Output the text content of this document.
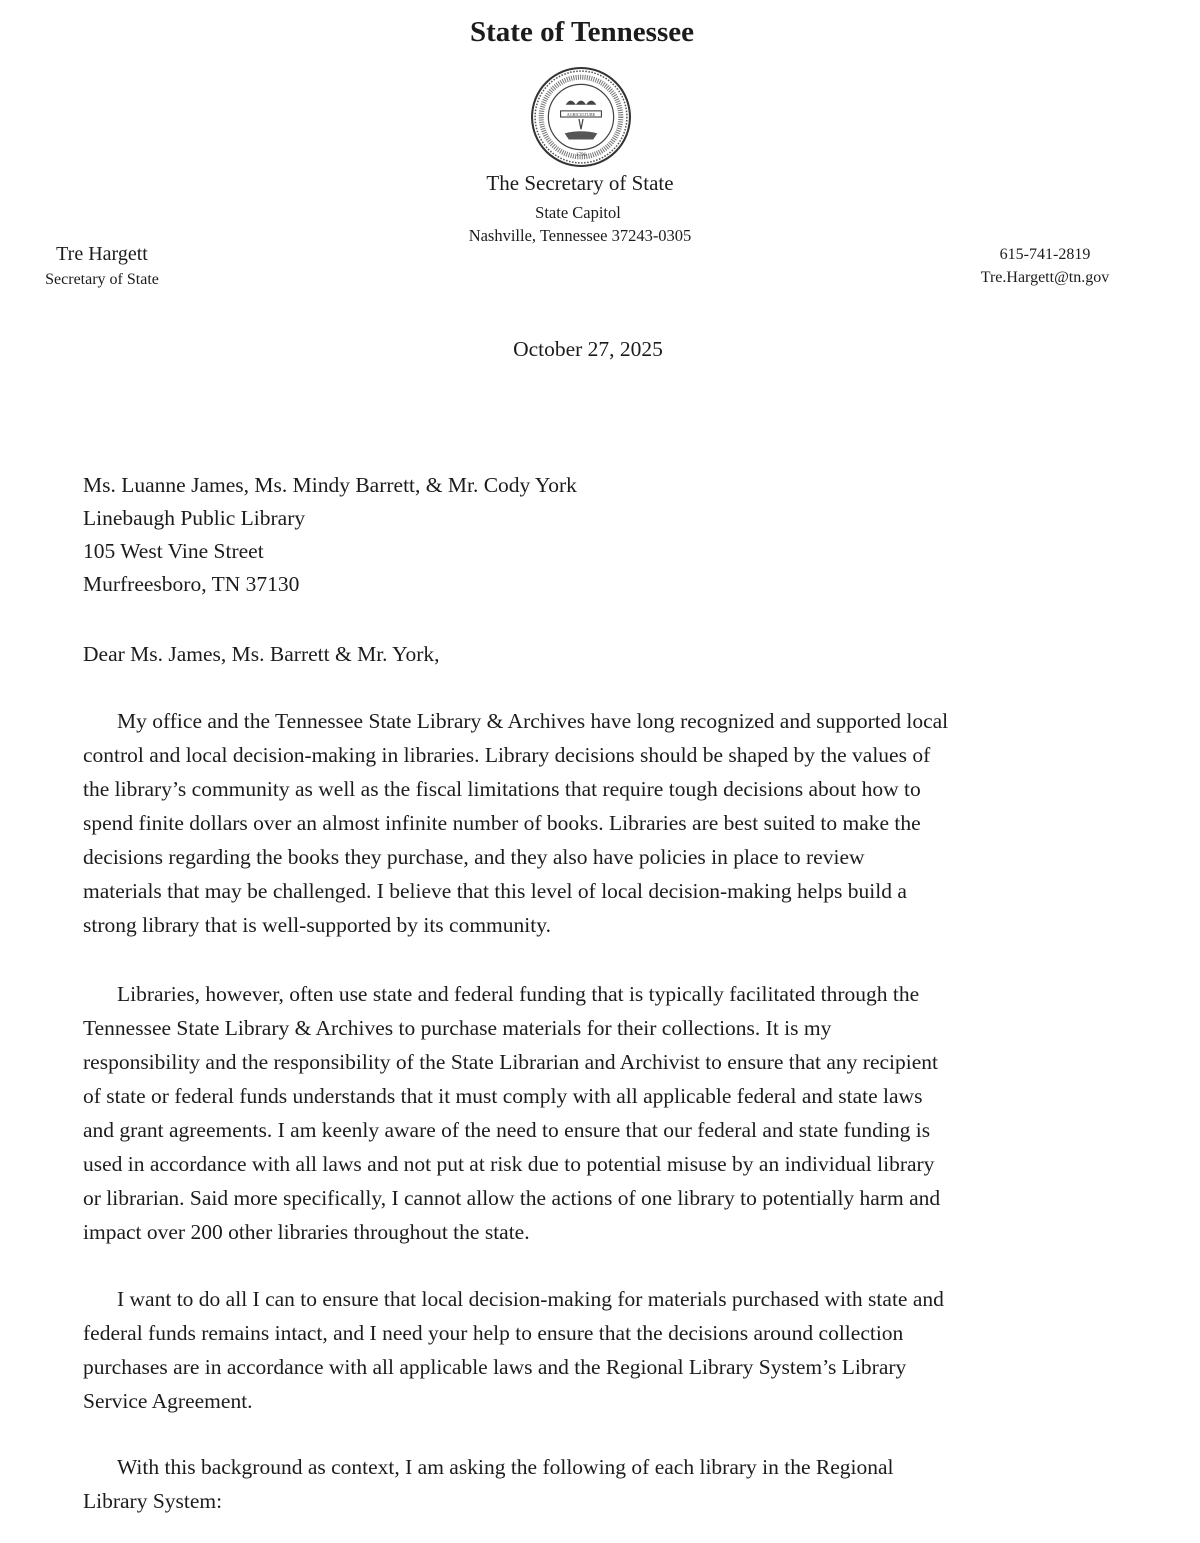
State of Tennessee
AGRICULTURE
1796
The Secretary of State
State Capitol
Nashville, Tennessee 37243-0305
Tre Hargett
Secretary of State
615-741-2819
Tre.Hargett@tn.gov
October 27, 2025
Ms. Luanne James, Ms. Mindy Barrett, & Mr. Cody York
Linebaugh Public Library
105 West Vine Street
Murfreesboro, TN 37130
Dear Ms. James, Ms. Barrett & Mr. York,
My office and the Tennessee State Library & Archives have long recognized and supported local
control and local decision-making in libraries. Library decisions should be shaped by the values of
the library’s community as well as the fiscal limitations that require tough decisions about how to
spend finite dollars over an almost infinite number of books. Libraries are best suited to make the
decisions regarding the books they purchase, and they also have policies in place to review
materials that may be challenged. I believe that this level of local decision-making helps build a
strong library that is well-supported by its community.
Libraries, however, often use state and federal funding that is typically facilitated through the
Tennessee State Library & Archives to purchase materials for their collections. It is my
responsibility and the responsibility of the State Librarian and Archivist to ensure that any recipient
of state or federal funds understands that it must comply with all applicable federal and state laws
and grant agreements. I am keenly aware of the need to ensure that our federal and state funding is
used in accordance with all laws and not put at risk due to potential misuse by an individual library
or librarian. Said more specifically, I cannot allow the actions of one library to potentially harm and
impact over 200 other libraries throughout the state.
I want to do all I can to ensure that local decision-making for materials purchased with state and
federal funds remains intact, and I need your help to ensure that the decisions around collection
purchases are in accordance with all applicable laws and the Regional Library System’s Library
Service Agreement.
With this background as context, I am asking the following of each library in the Regional
Library System:
